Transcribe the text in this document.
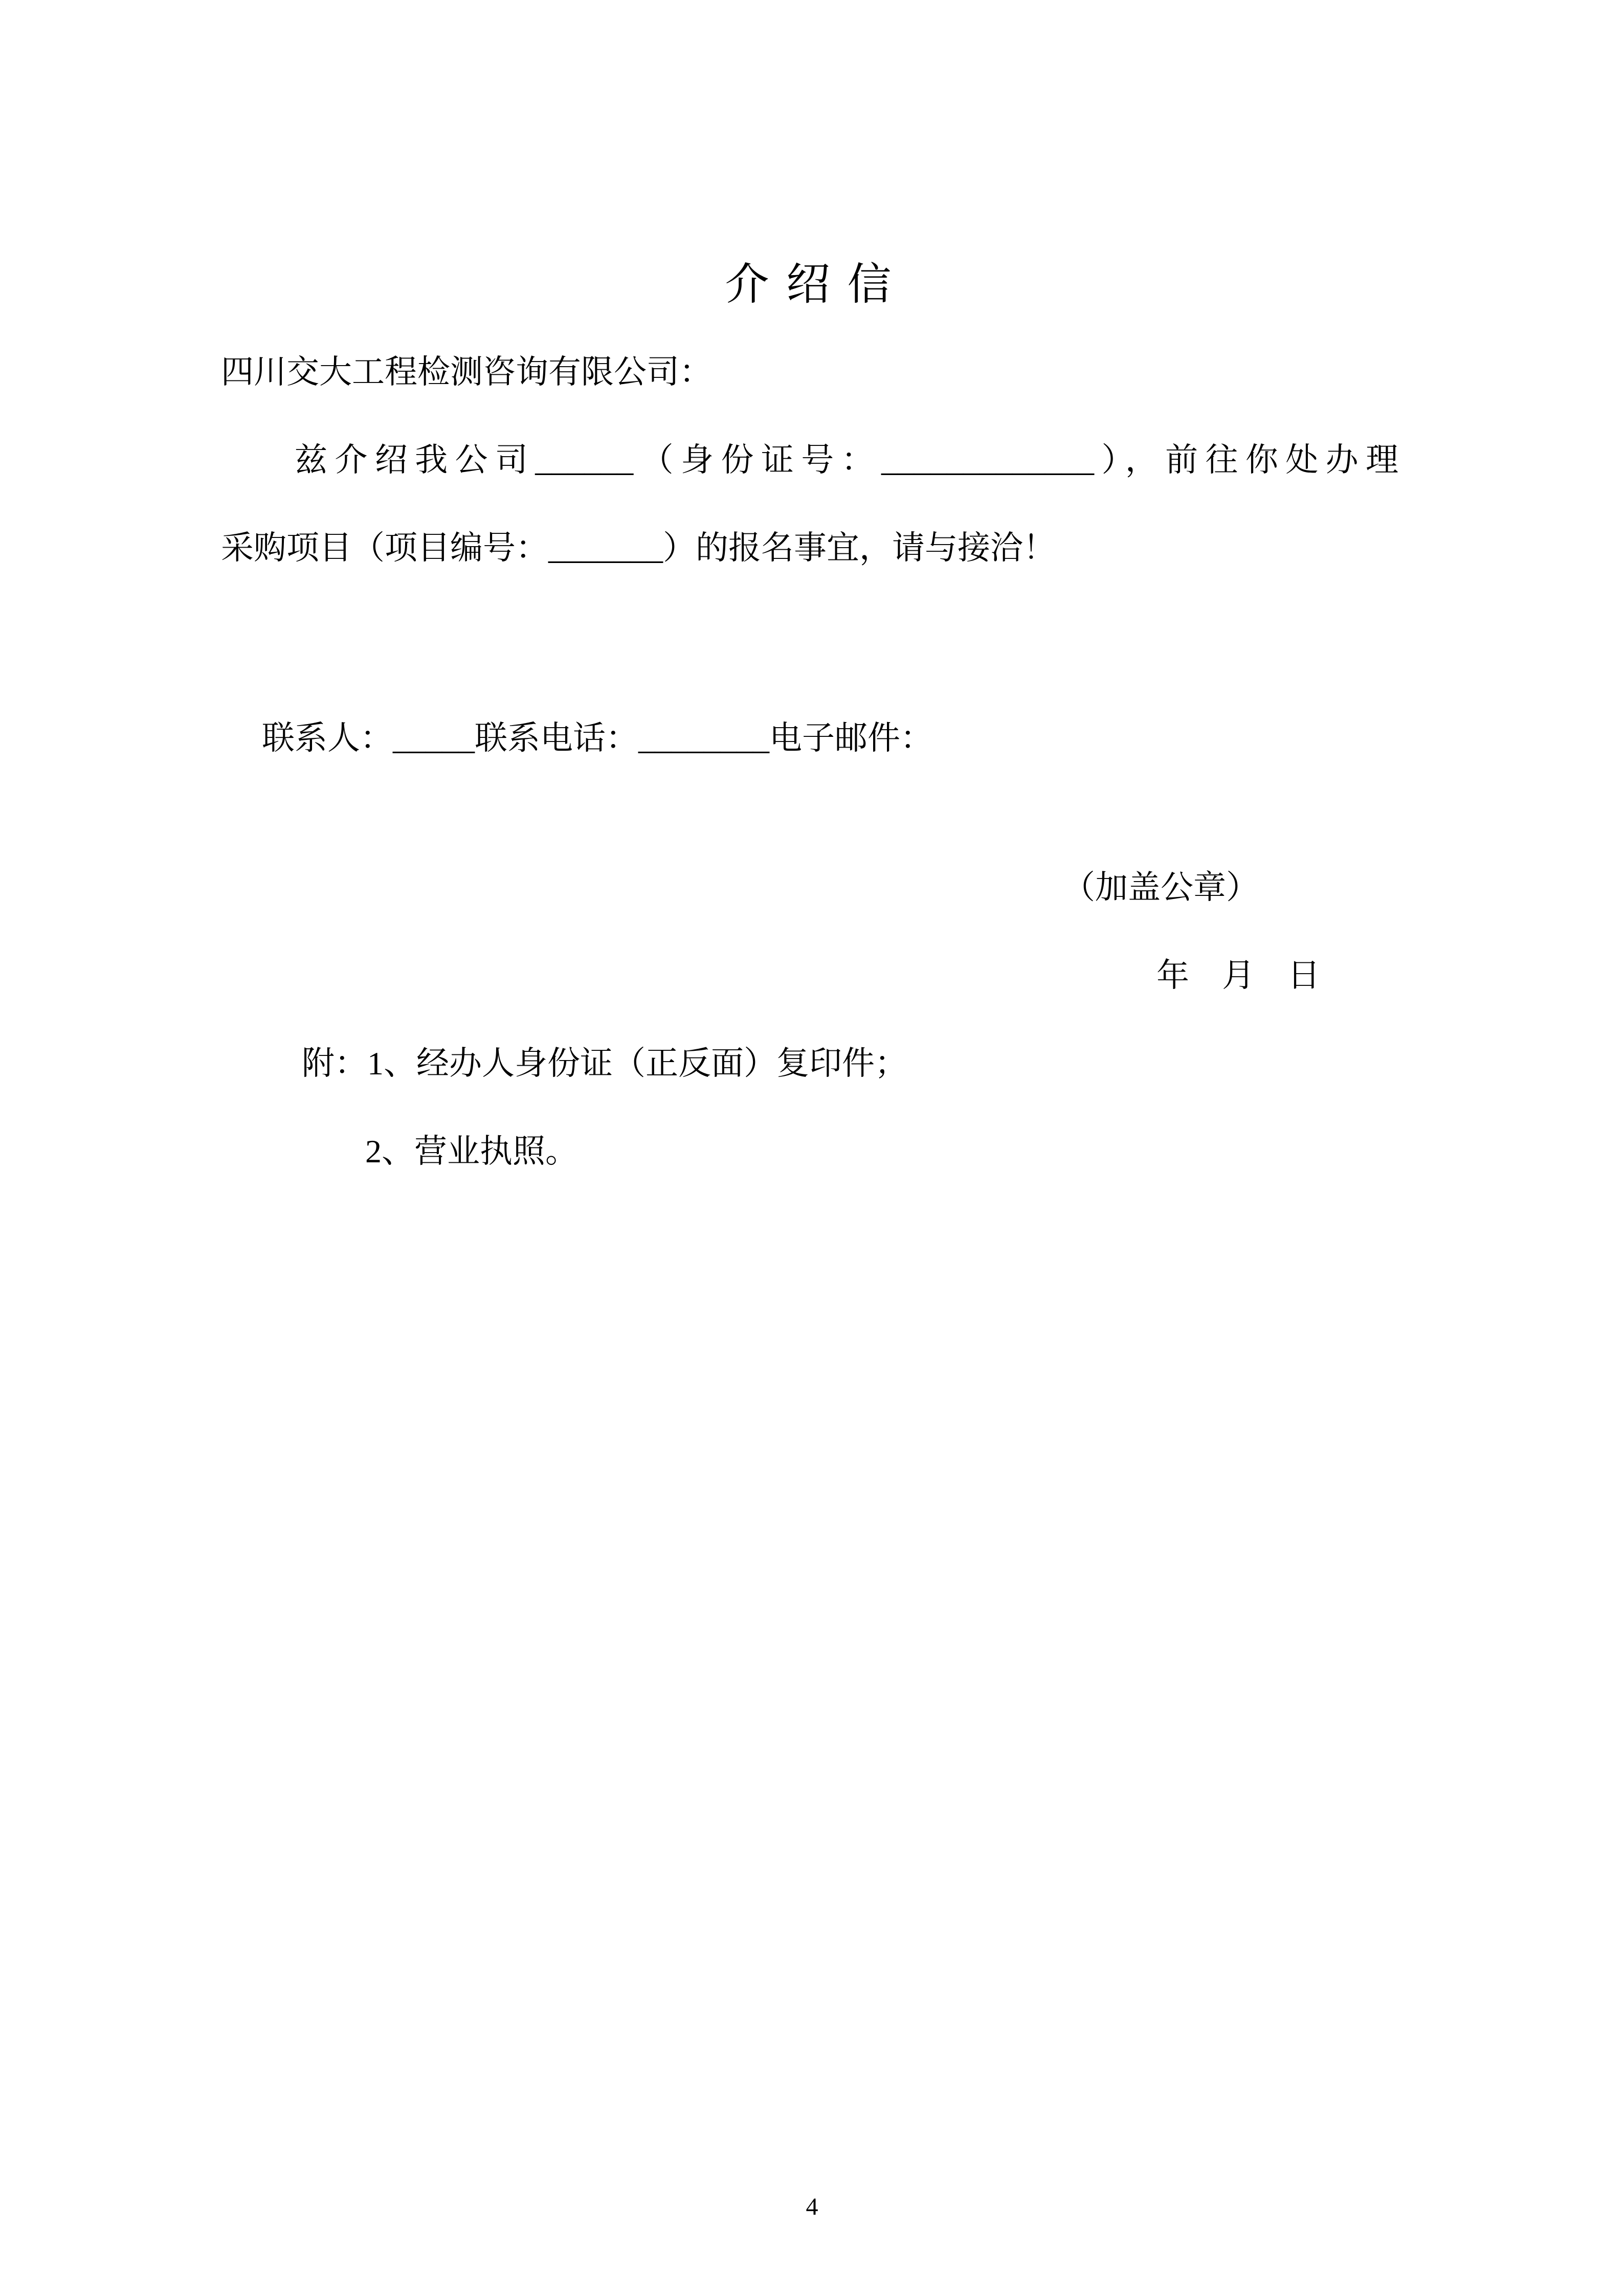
介 绍 信
四川交大工程检测咨询有限公司：
兹介绍我公司______（身份证号：_____________），前往你处办理
采购项目（项目编号：_______）的报名事宜，请与接洽！
联系人：_____联系电话：________电子邮件：
（加盖公章）
年　月　日
附：1、经办人身份证（正反面）复印件；
2、营业执照。
4
